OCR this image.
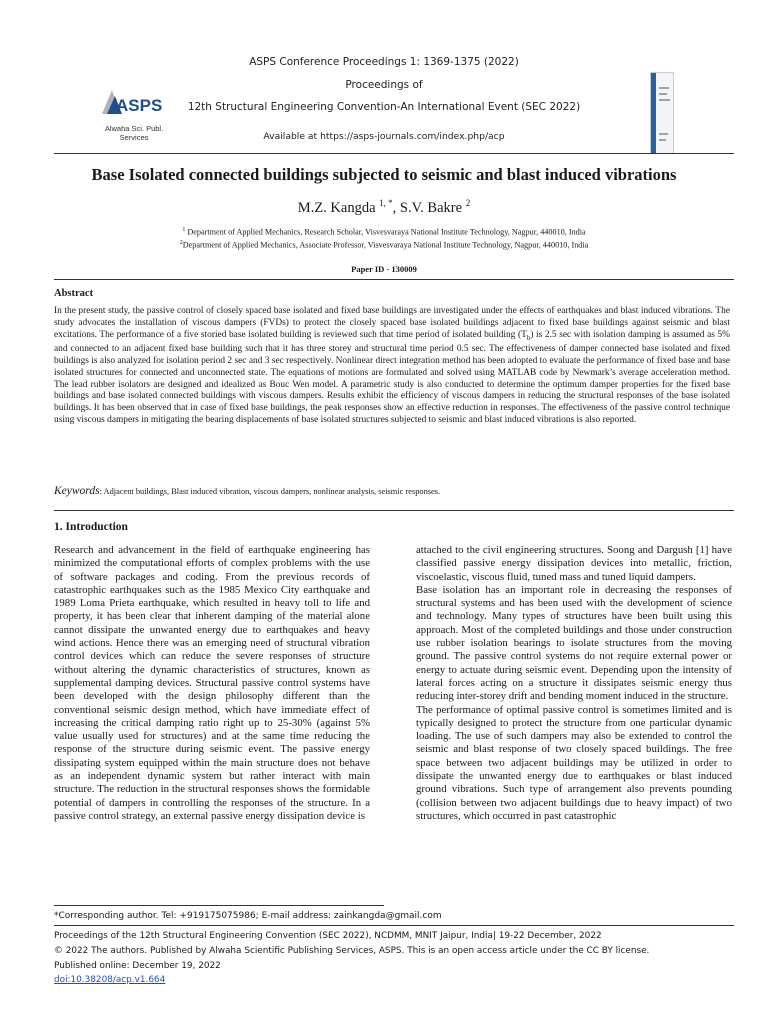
ASPS Conference Proceedings 1: 1369-1375 (2022)
Proceedings of
12th Structural Engineering Convention-An International Event (SEC 2022)
Available at https://asps-journals.com/index.php/acp
ASPS
Alwaha Sci. Publ. Services
Base Isolated connected buildings subjected to seismic and blast induced vibrations
M.Z. Kangda $^{1, *}$, S.V. Bakre $^2$
$^1$ Department of Applied Mechanics, Research Scholar, Visvesvaraya National Institute Technology, Nagpur, 440010, India
$^2$Department of Applied Mechanics, Associate Professor, Visvesvaraya National Institute Technology, Nagpur, 440010, India
Paper ID - 130009
Abstract
In the present study, the passive control of closely spaced base isolated and fixed base buildings are investigated under the effects of earthquakes and blast induced vibrations. The study advocates the installation of viscous dampers (FVDs) to protect the closely spaced base isolated buildings adjacent to fixed base buildings against seismic and blast excitations. The performance of a five storied base isolated building is reviewed such that time period of isolated building $(T_b)$ is 2.5 sec with isolation damping is assumed as 5% and connected to an adjacent fixed base building such that it has three storey and structural time period 0.5 sec. The effectiveness of damper connected base isolated and fixed buildings is also analyzed for isolation period 2 sec and 3 sec respectively. Nonlinear direct integration method has been adopted to evaluate the performance of fixed base and base isolated structures for connected and unconnected state. The equations of motions are formulated and solved using MATLAB code by Newmark’s average acceleration method. The lead rubber isolators are designed and idealized as Bouc Wen model. A parametric study is also conducted to determine the optimum damper properties for the fixed base buildings and base isolated connected buildings with viscous dampers. Results exhibit the efficiency of viscous dampers in reducing the structural responses of the base isolated buildings. It has been observed that in case of fixed base buildings, the peak responses show an effective reduction in responses. The effectiveness of the passive control technique using viscous dampers in mitigating the bearing displacements of base isolated structures subjected to seismic and blast induced vibrations is also reported.
Keywords: Adjacent buildings, Blast induced vibration, viscous dampers, nonlinear analysis, seismic responses.
1. Introduction

Research and advancement in the field of earthquake engineering has minimized the computational efforts of complex problems with the use of software packages and coding. From the previous records of catastrophic earthquakes such as the 1985 Mexico City earthquake and 1989 Loma Prieta earthquake, which resulted in heavy toll to life and property, it has been clear that inherent damping of the material alone cannot dissipate the unwanted energy due to earthquakes and heavy wind actions. Hence there was an emerging need of structural vibration control devices which can reduce the severe responses of structure without altering the dynamic characteristics of structures, known as supplemental damping devices. Structural passive control systems have been developed with the design philosophy different than the conventional seismic design method, which have immediate effect of increasing the critical damping ratio right up to 25-30% (against 5% value usually used for structures) and at the same time reducing the response of the structure during seismic event. The passive energy dissipating system equipped within the main structure does not behave as an independent dynamic system but rather interact with main structure. The reduction in the structural responses shows the formidable potential of dampers in controlling the responses of the structure. In a passive control strategy, an external passive energy dissipation device is

attached to the civil engineering structures. Soong and Dargush [1] have classified passive energy dissipation devices into metallic, friction, viscoelastic, viscous fluid, tuned mass and tuned liquid dampers.

Base isolation has an important role in decreasing the responses of structural systems and has been used with the development of science and technology. Many types of structures have been built using this approach. Most of the completed buildings and those under construction use rubber isolation bearings to isolate structures from the moving ground. The passive control systems do not require external power or energy to actuate during seismic event. Depending upon the intensity of lateral forces acting on a structure it dissipates seismic energy thus reducing inter-storey drift and bending moment induced in the structure.

The performance of optimal passive control is sometimes limited and is typically designed to protect the structure from one particular dynamic loading. The use of such dampers may also be extended to control the seismic and blast response of two closely spaced buildings. The free space between two adjacent buildings may be utilized in order to dissipate the unwanted energy due to earthquakes or blast induced ground vibrations. Such type of arrangement also prevents pounding (collision between two adjacent buildings due to heavy impact) of two structures, which occurred in past catastrophic

*Corresponding author. Tel: +919175075986; E-mail address: zainkangda@gmail.com
Proceedings of the 12th Structural Engineering Convention (SEC 2022), NCDMM, MNIT Jaipur, India| 19-22 December, 2022
© 2022 The authors. Published by Alwaha Scientific Publishing Services, ASPS. This is an open access article under the CC BY license.
Published online: December 19, 2022
doi:10.38208/acp.v1.664
